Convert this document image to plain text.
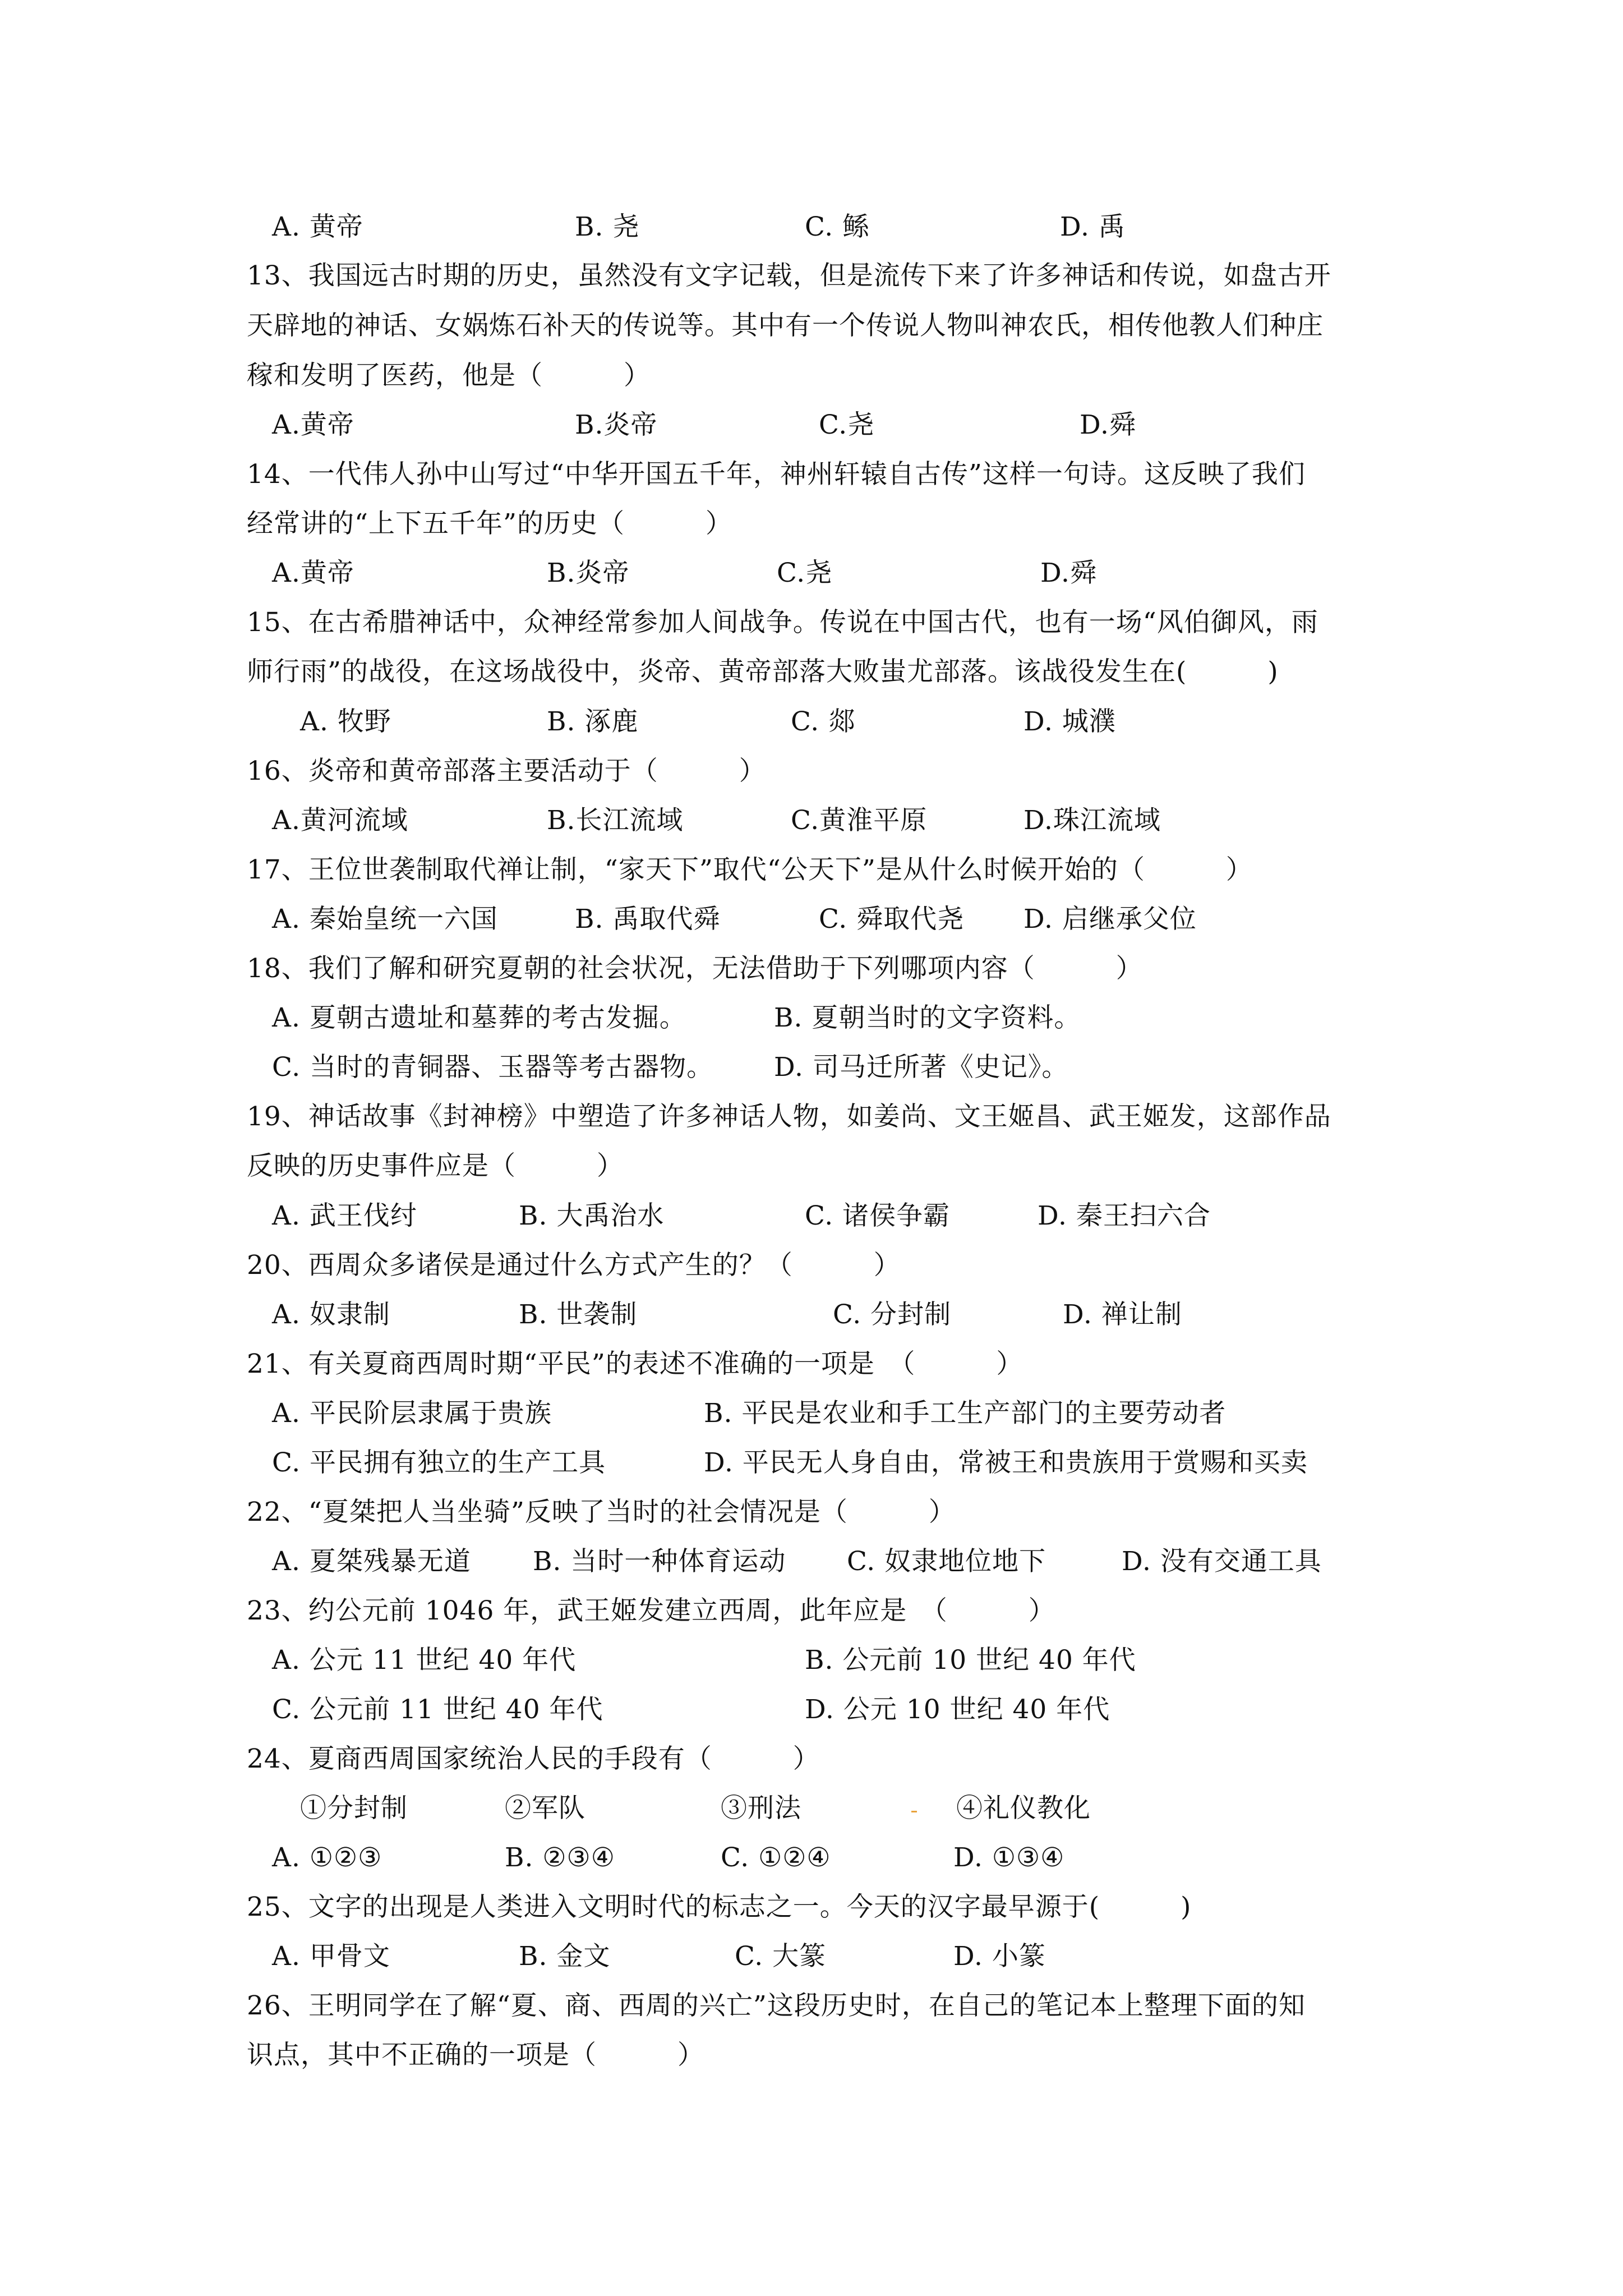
A. 黄帝	B. 尧	C. 鲧	D. 禹
13、我国远古时期的历史，虽然没有文字记载，但是流传下来了许多神话和传说，如盘古开
天辟地的神话、女娲炼石补天的传说等。其中有一个传说人物叫神农氏，相传他教人们种庄
稼和发明了医药，他是（　　　）
A.黄帝	B.炎帝	C.尧	D.舜
14、一代伟人孙中山写过“中华开国五千年，神州轩辕自古传”这样一句诗。这反映了我们
经常讲的“上下五千年”的历史（　　　）
A.黄帝	B.炎帝	C.尧	D.舜
15、在古希腊神话中，众神经常参加人间战争。传说在中国古代，也有一场“风伯御风，雨
师行雨”的战役，在这场战役中，炎帝、黄帝部落大败蚩尤部落。该战役发生在(　　　)
A. 牧野	B. 涿鹿	C. 郯	D. 城濮
16、炎帝和黄帝部落主要活动于（　　　）
A.黄河流域	B.长江流域	C.黄淮平原	D.珠江流域
17、王位世袭制取代禅让制，“家天下”取代“公天下”是从什么时候开始的（　　　）
A. 秦始皇统一六国	B. 禹取代舜	C. 舜取代尧 D. 启继承父位
18、我们了解和研究夏朝的社会状况，无法借助于下列哪项内容（　　　）
A. 夏朝古遗址和墓葬的考古发掘。	B. 夏朝当时的文字资料。
C. 当时的青铜器、玉器等考古器物。 D. 司马迁所著《史记》。
19、神话故事《封神榜》中塑造了许多神话人物，如姜尚、文王姬昌、武王姬发，这部作品
反映的历史事件应是（　　　）
A. 武王伐纣	B. 大禹治水	C. 诸侯争霸	D. 秦王扫六合
20、西周众多诸侯是通过什么方式产生的？（　　　）
A. 奴隶制	B. 世袭制	C. 分封制	D. 禅让制
21、有关夏商西周时期“平民”的表述不准确的一项是　（　　　）
A. 平民阶层隶属于贵族	B. 平民是农业和手工生产部门的主要劳动者
C. 平民拥有独立的生产工具	D. 平民无人身自由，常被王和贵族用于赏赐和买卖
22、“夏桀把人当坐骑”反映了当时的社会情况是（　　　）
A. 夏桀残暴无道 B. 当时一种体育运动 C. 奴隶地位地下	D. 没有交通工具
23、约公元前 1046 年，武王姬发建立西周，此年应是　（　　　）
A. 公元 11 世纪 40 年代	B. 公元前 10 世纪 40 年代
C. 公元前 11 世纪 40 年代	D. 公元 10 世纪 40 年代
24、夏商西周国家统治人民的手段有（　　　）
①分封制	②军队	③刑法	④礼仪教化
A. ①②③	B. ②③④	C. ①②④	D. ①③④
25、文字的出现是人类进入文明时代的标志之一。今天的汉字最早源于(　　　)
A. 甲骨文	B. 金文	C. 大篆	D. 小篆
26、王明同学在了解“夏、商、西周的兴亡”这段历史时，在自己的笔记本上整理下面的知
识点，其中不正确的一项是（　　　）
